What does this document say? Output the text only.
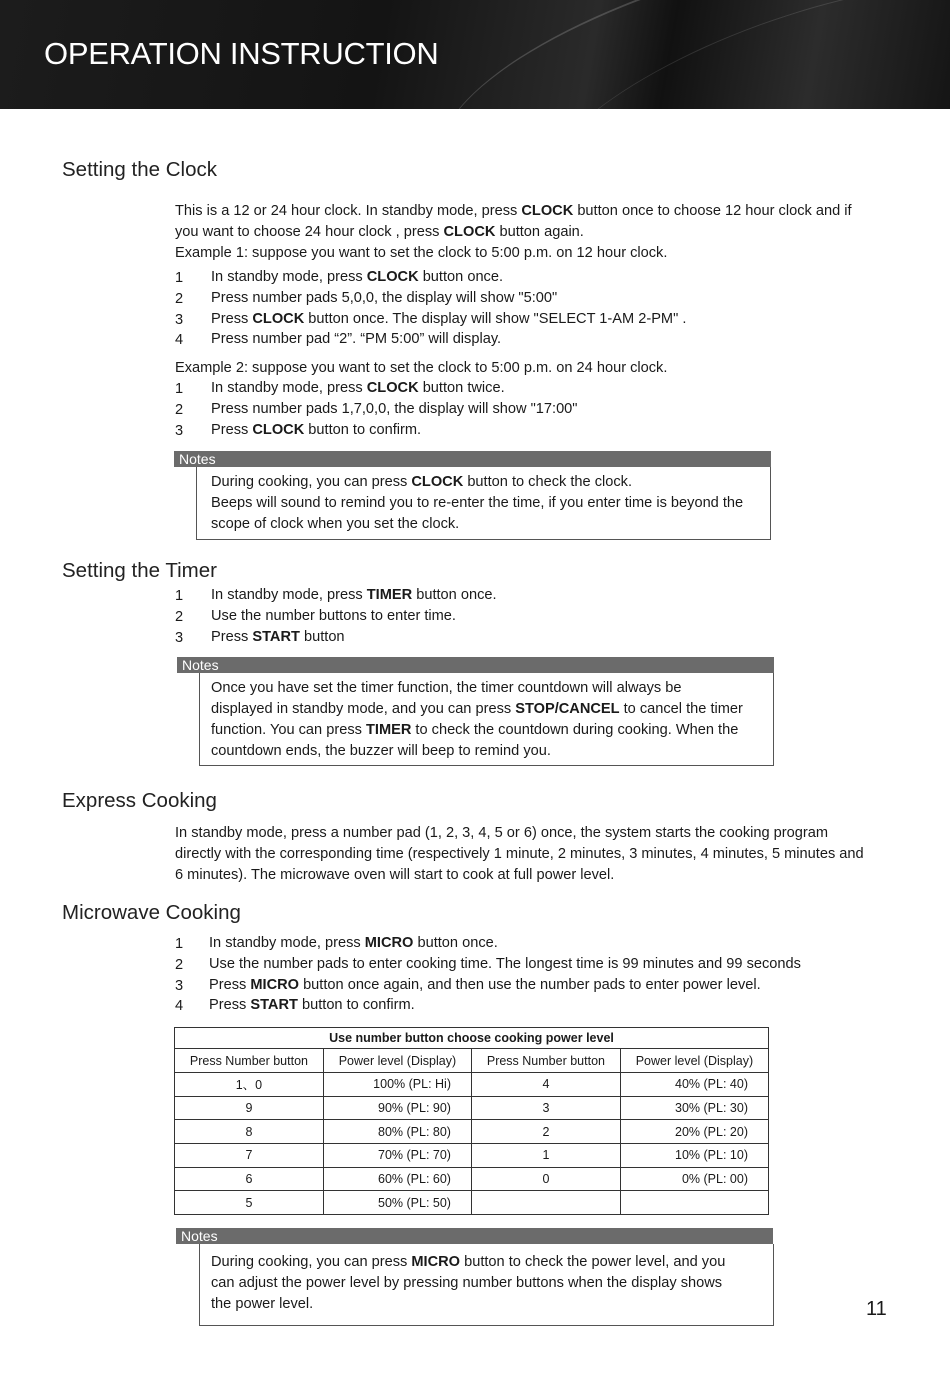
OPERATION INSTRUCTION
Setting the Clock
This is a 12 or 24 hour clock. In standby mode, press CLOCK button once to choose 12 hour clock and if you want to choose 24 hour clock , press CLOCK button again.
Example 1: suppose you want to set the clock to 5:00 p.m. on 12 hour clock.
1 In standby mode, press CLOCK button once.
2 Press number pads 5,0,0, the display will show "5:00"
3 Press CLOCK button once. The display will show "SELECT 1-AM 2-PM" .
4 Press number pad “2”. “PM 5:00” will display.
Example 2: suppose you want to set the clock to 5:00 p.m. on 24 hour clock.
1 In standby mode, press CLOCK button twice.
2 Press number pads 1,7,0,0, the display will show "17:00"
3 Press CLOCK button to confirm.
Notes
During cooking, you can press CLOCK button to check the clock.
Beeps will sound to remind you to re-enter the time, if you enter time is beyond the
scope of clock when you set the clock.
Setting the Timer
1 In standby mode, press TIMER button once.
2 Use the number buttons to enter time.
3 Press START button
Notes
Once you have set the timer function, the timer countdown will always be
displayed in standby mode, and you can press STOP/CANCEL to cancel the timer
function. You can press TIMER to check the countdown during cooking. When the
countdown ends, the buzzer will beep to remind you.
Express Cooking
In standby mode, press a number pad (1, 2, 3, 4, 5 or 6) once, the system starts the cooking program directly with the corresponding time (respectively 1 minute, 2 minutes, 3 minutes, 4 minutes, 5 minutes and 6 minutes). The microwave oven will start to cook at full power level.
Microwave Cooking
1 In standby mode, press MICRO button once.
2 Use the number pads to enter cooking time. The longest time is 99 minutes and 99 seconds
3 Press MICRO button once again, and then use the number pads to enter power level.
4 Press START button to confirm.
Use number button choose cooking power level			
Press Number button	Power level (Display)	Press Number button	Power level (Display)
1、0	100% (PL: Hi)	4	40% (PL: 40)
9	90% (PL: 90)	3	30% (PL: 30)
8	80% (PL: 80)	2	20% (PL: 20)
7	70% (PL: 70)	1	10% (PL: 10)
6	60% (PL: 60)	0	0% (PL: 00)
5	50% (PL: 50)		
Notes
During cooking, you can press MICRO button to check the power level, and you
can adjust the power level by pressing number buttons when the display shows
the power level.	11
